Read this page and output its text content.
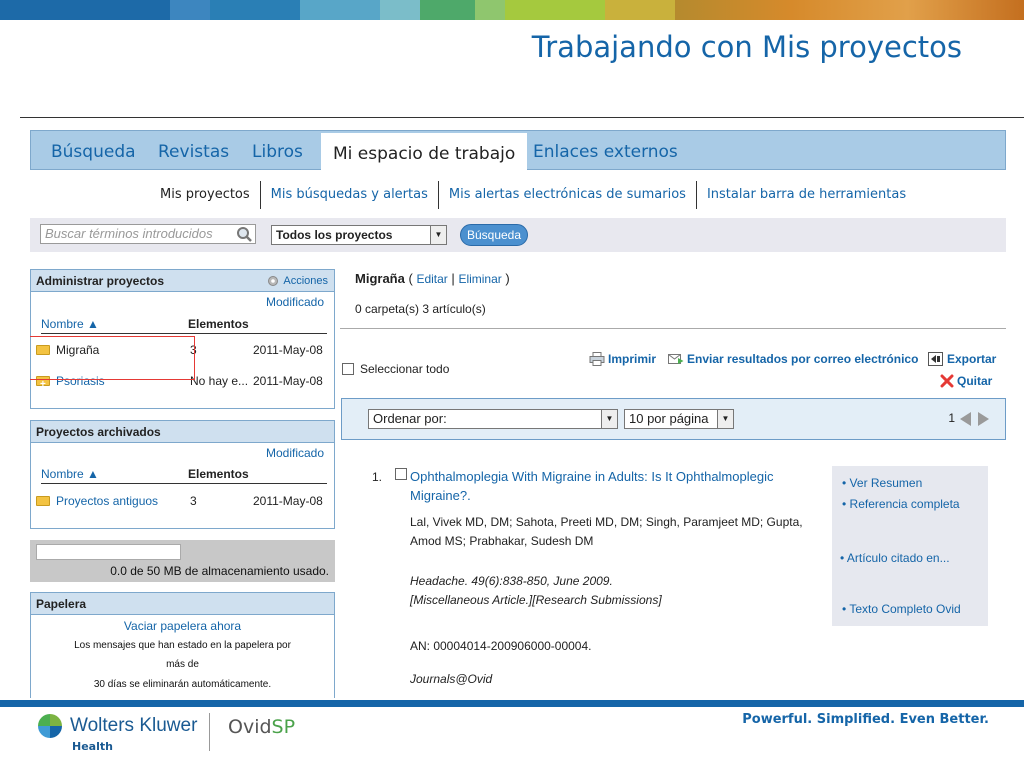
Trabajando con Mis proyectos
Búsqueda Revistas Libros	Mi espacio de trabajo	Enlaces externos
Mis proyectos	Mis búsquedas y alertas	Mis alertas electrónicas de sumarios	Instalar barra de herramientas
Buscar términos introducidos	Todos los proyectos	▼	Búsqueda
Administrar proyectos	Acciones
Modificado
Nombre ▲	Elementos
Migraña	3	2011-May-08
+ Psoriasis	No hay e... 2011-May-08
Proyectos archivados
Modificado
Nombre ▲	Elementos
Proyectos antiguos	3	2011-May-08
0.0 de 50 MB de almacenamiento usado.
Papelera
Vaciar papelera ahora
Los mensajes que han estado en la papelera por
más de
30 días se eliminarán automáticamente.
Migraña ( Editar | Eliminar )
0 carpeta(s) 3 artículo(s)
Seleccionar todo
Imprimir	Enviar resultados por correo electrónico Exportar
Quitar
Ordenar por:	▼	10 por página	▼	1
1. Ophthalmoplegia With Migraine in Adults: Is It Ophthalmoplegic
Migraine?.
Lal, Vivek MD, DM; Sahota, Preeti MD, DM; Singh, Paramjeet MD; Gupta,
Amod MS; Prabhakar, Sudesh DM
Headache. 49(6):838-850, June 2009.
[Miscellaneous Article.][Research Submissions]
AN: 00004014-200906000-00004.
Journals@Ovid
• Ver Resumen
• Referencia completa
• Artículo citado en...
• Texto Completo Ovid
Wolters Kluwer
Health
OvidSP	Powerful. Simplified. Even Better.
